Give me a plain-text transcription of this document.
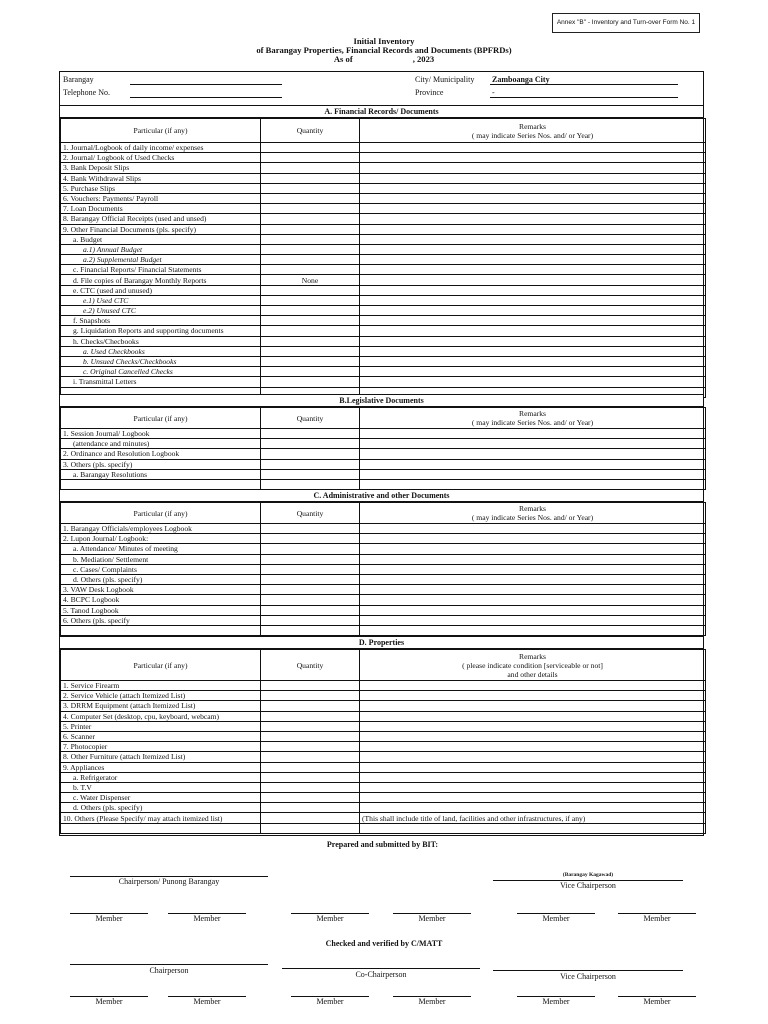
Annex "B" - Inventory and Turn-over Form No. 1
Initial Inventory
of Barangay Properties, Financial Records and Documents (BPFRDs)
As of	, 2023
Barangay
Telephone No.
City/ Municipality Zamboanga City
Province	-
A. Financial Records/ Documents
Particular (if any)	Quantity	Remarks
( may indicate Series Nos. and/ or Year)

1. Journal/Logbook of daily income/ expenses		
2. Journal/ Logbook of Used Checks		
3. Bank Deposit Slips		
4. Bank Withdrawal Slips		
5. Purchase Slips		
6. Vouchers: Payments/ Payroll		
7. Loan Documents		
8. Barangay Official Receipts (used and unsed)		
9. Other Financial Documents (pls. specify)		
a. Budget		
a.1) Annual Budget		
a.2) Supplemental Budget		
c. Financial Reports/ Financial Statements		
d. File copies of Barangay Monthly Reports	None	
e. CTC (used and unused)		
e.1) Used CTC		
e.2) Unused CTC		
f. Snapshots		
g. Liquidation Reports and supporting documents		
h. Checks/Checbooks		
a. Used Checkbooks		
b. Unsued Checks/Checkbooks		
c. Original Cancelled Checks		
i. Transmittal Letters		

B.Legislative Documents
Particular (if any)	Quantity	Remarks
( may indicate Series Nos. and/ or Year)

1. Session Journal/ Logbook		
(attendance and minutes)		
2. Ordinance and Resolution Logbook		
3. Others (pls. specify)		
a. Barangay Resolutions		

C. Administrative and other Documents
Particular (if any)	Quantity	Remarks
( may indicate Series Nos. and/ or Year)

1. Barangay Officials/employees Logbook		
2. Lupon Journal/ Logbook:		
a. Attendance/ Minutes of meeting		
b. Mediation/ Settlement		
c. Cases/ Complaints		
d. Others (pls. specify)		
3. VAW Desk Logbook		
4. BCPC Logbook		
5. Tanod Logbook		
6. Others (pls. specify		

D. Properties
Particular (if any)	Quantity	Remarks
( please indicate condition [serviceable or not]
and other details

1. Service Firearm		
2. Service Vehicle (attach Itemized List)		
3. DRRM Equipment (attach Itemized List)		
4. Computer Set (desktop, cpu, keyboard, webcam)		
5. Printer		
6. Scanner		
7. Photocopier		
8. Other Furniture (attach Itemized List)		
9. Appliances		
a. Refrigerator		
b. T.V		
c. Water Dispenser		
d. Others (pls. specify)		
10. Others (Please Specify/ may attach itemized list)		(This shall include title of land, facilities and other infrastructures, if any)

Prepared and submitted by BIT:
Chairperson/ Punong Barangay
(Barangay Kagawad)
Vice Chairperson
Member	Member	Member	Member	Member	Member
Checked and verified by C/MATT
Chairperson	Co-Chairperson	Vice Chairperson
Member	Member	Member	Member	Member	Member
